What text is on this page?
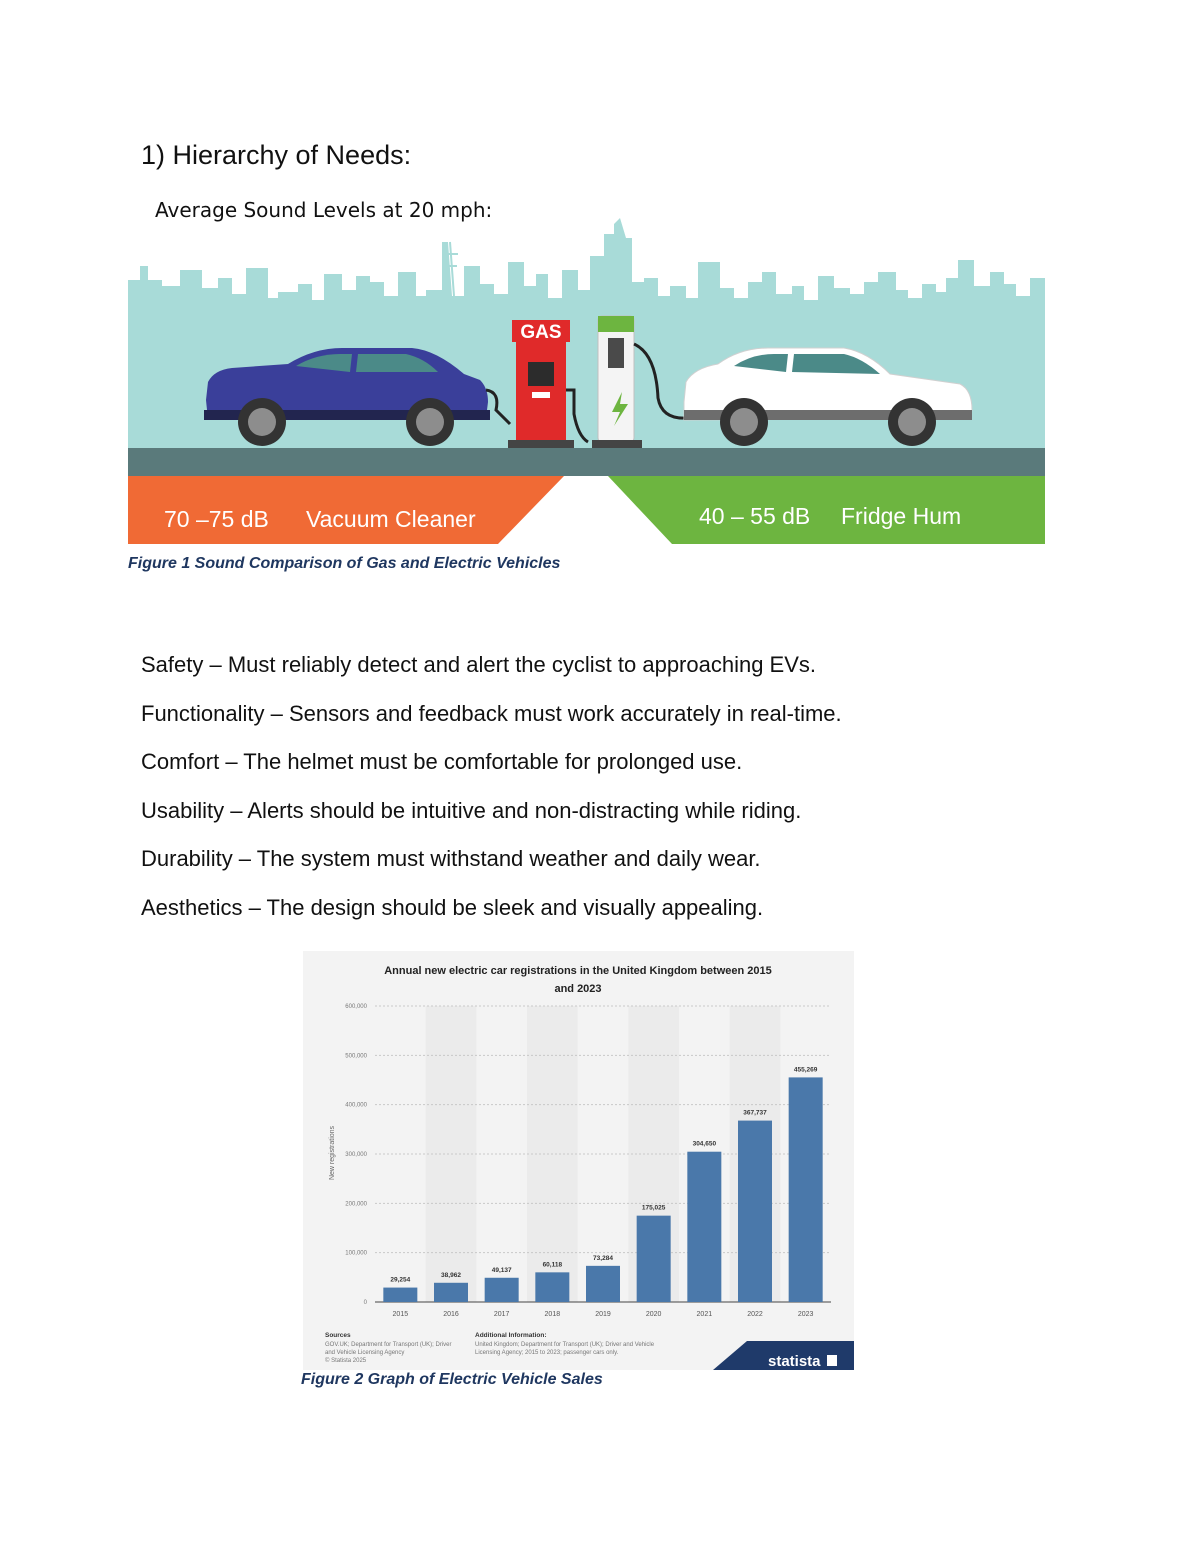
1) Hierarchy of Needs:
Average Sound Levels at 20 mph:
GAS
70 –75 dB Vacuum Cleaner	40 – 55 dB Fridge Hum
Figure 1 Sound Comparison of Gas and Electric Vehicles
Safety – Must reliably detect and alert the cyclist to approaching EVs.
Functionality – Sensors and feedback must work accurately in real-time.
Comfort – The helmet must be comfortable for prolonged use.
Usability – Alerts should be intuitive and non-distracting while riding.
Durability – The system must withstand weather and daily wear.
Aesthetics – The design should be sleek and visually appealing.
Annual new electric car registrations in the United Kingdom between 2015
and 2023
New registrations
0
100,000
200,000
300,000
400,000
500,000
600,000
29,254
2015
38,962
2016
49,137
2017
60,118
2018
73,284
2019
175,025
2020
304,650
2021
367,737
2022
455,269
2023
Sources
GOV.UK; Department for Transport (UK); Driver
and Vehicle Licensing Agency
© Statista 2025
Additional Information:
United Kingdom; Department for Transport (UK); Driver and Vehicle
Licensing Agency; 2015 to 2023; passenger cars only.	statista
Figure 2 Graph of Electric Vehicle Sales
